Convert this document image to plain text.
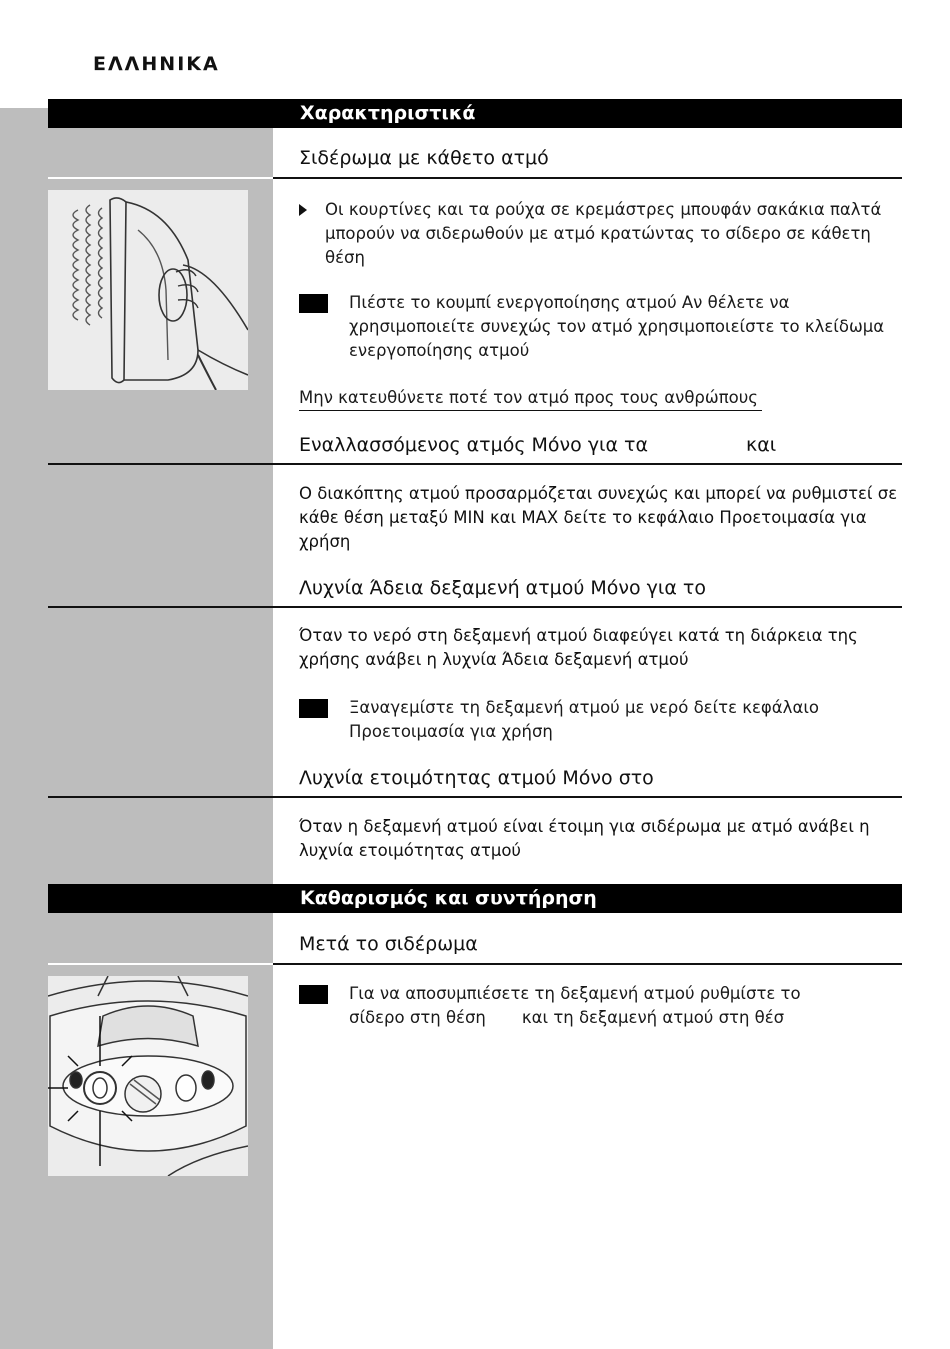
ΕΛΛΗΝΙΚΑ
Χαρακτηριστικά
Σιδέρωμα με κάθετο ατμό
Οι κουρτίνες και τα ρούχα σε κρεμάστρες μπουφάν σακάκια παλτά μπορούν να σιδερωθούν με ατμό κρατώντας το σίδερο σε κάθετη θέση
Πιέστε το κουμπί ενεργοποίησης ατμού Αν θέλετε να χρησιμοποιείτε συνεχώς τον ατμό χρησιμοποιείστε το κλείδωμα ενεργοποίησης ατμού
Μην κατευθύνετε ποτέ τον ατμό προς τους ανθρώπους
Εναλλασσόμενος ατμός Μόνο για τα	και
Ο διακόπτης ατμού προσαρμόζεται συνεχώς και μπορεί να ρυθμιστεί σε κάθε θέση μεταξύ MIN και MAX δείτε το κεφάλαιο Προετοιμασία για χρήση
Λυχνία Άδεια δεξαμενή ατμού Μόνο για το
Όταν το νερό στη δεξαμενή ατμού διαφεύγει κατά τη διάρκεια της χρήσης ανάβει η λυχνία Άδεια δεξαμενή ατμού
Ξαναγεμίστε τη δεξαμενή ατμού με νερό δείτε κεφάλαιο Προετοιμασία για χρήση
Λυχνία ετοιμότητας ατμού Μόνο στο
Όταν η δεξαμενή ατμού είναι έτοιμη για σιδέρωμα με ατμό ανάβει η λυχνία ετοιμότητας ατμού
Καθαρισμός και συντήρηση
Μετά το σιδέρωμα
Για να αποσυμπιέσετε τη δεξαμενή ατμού ρυθμίστε το
σίδερο στη θέση και τη δεξαμενή ατμού στη θέσ
